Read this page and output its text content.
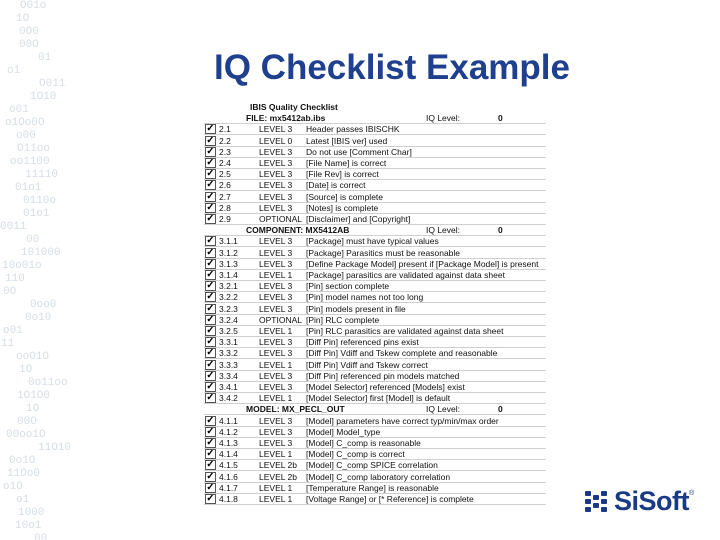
O01o
1O
0O0
00O
01
o1
O011
1O10
o01
o1Oo0O
o00
O11oo
oo1100
11110
01o1
0110o
01o1
0011
00
101000
10o01o
110
0O
0oo0
0o10
o01
11
ooO1O
1O
0o11oo
1O1O0
1O
00O
00oo1O
11O10
0o1O
11Oo0
o1O
o1
1000
10o1
00
IQ Checklist Example
IBIS Quality Checklist
FILE: mx5412ab.ibs	IQ Level:	0
✓ 2.1	LEVEL 3	Header passes IBISCHK
✓ 2.2	LEVEL 0	Latest [IBIS ver] used
✓ 2.3	LEVEL 3	Do not use [Comment Char]
✓ 2.4	LEVEL 3	[File Name] is correct
✓ 2.5	LEVEL 3	[File Rev] is correct
✓ 2.6	LEVEL 3	[Date] is correct
✓ 2.7	LEVEL 3	[Source] is complete
✓ 2.8	LEVEL 3	[Notes] is complete
✓ 2.9	OPTIONAL [Disclaimer] and [Copyright]
COMPONENT: MX5412AB	IQ Level:	0
✓ 3.1.1	LEVEL 3	[Package] must have typical values
✓ 3.1.2	LEVEL 3	[Package] Parasitics must be reasonable
✓ 3.1.3	LEVEL 3	[Define Package Model] present if [Package Model] is present
✓ 3.1.4	LEVEL 1	[Package] parasitics are validated against data sheet
✓ 3.2.1	LEVEL 3	[Pin] section complete
✓ 3.2.2	LEVEL 3	[Pin] model names not too long
✓ 3.2.3	LEVEL 3	[Pin] models present in file
✓ 3.2.4	OPTIONAL [Pin] RLC complete
✓ 3.2.5	LEVEL 1	[Pin] RLC parasitics are validated against data sheet
✓ 3.3.1	LEVEL 3	[Diff Pin] referenced pins exist
✓ 3.3.2	LEVEL 3	[Diff Pin] Vdiff and Tskew complete and reasonable
✓ 3.3.3	LEVEL 1	[Diff Pin] Vdiff and Tskew correct
✓ 3.3.4	LEVEL 3	[Diff Pin] referenced pin models matched
✓ 3.4.1	LEVEL 3	[Model Selector] referenced [Models] exist
✓ 3.4.2	LEVEL 1	[Model Selector] first [Model] is default
MODEL: MX_PECL_OUT	IQ Level:	0
✓ 4.1.1	LEVEL 3	[Model] parameters have correct typ/min/max order
✓ 4.1.2	LEVEL 3	[Model] Model_type
✓ 4.1.3	LEVEL 3	[Model] C_comp is reasonable
✓ 4.1.4	LEVEL 1	[Model] C_comp is correct
✓ 4.1.5	LEVEL 2b	[Model] C_comp SPICE correlation
✓ 4.1.6	LEVEL 2b	[Model] C_comp laboratory correlation
✓ 4.1.7	LEVEL 1	[Temperature Range] is reasonable
✓ 4.1.8	LEVEL 1	[Voltage Range] or [* Reference] is complete	SiSoft ®
